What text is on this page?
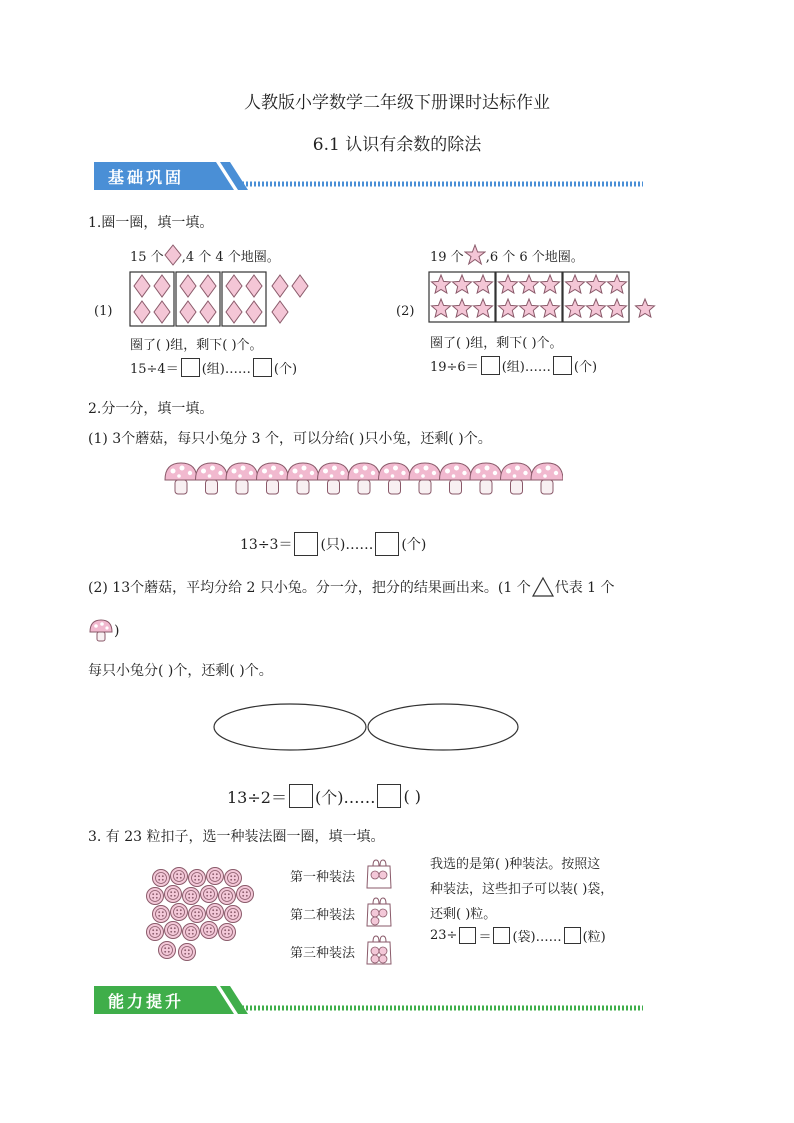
人教版小学数学二年级下册课时达标作业
6.1 认识有余数的除法
基础巩固
1.圈一圈，填一填。
15 个 ,4 个 4 个地圈。
(1)
圈了( )组，剩下( )个。
15÷4＝ (组)…… (个)
19 个 ,6 个 6 个地圈。
(2)
圈了( )组，剩下( )个。
19÷6＝ (组)…… (个)
2.分一分，填一填。
(1) 3个蘑菇，每只小兔分 3 个，可以分给( )只小兔，还剩( )个。
13÷3＝ (只)…… (个)
(2) 13个蘑菇，平均分给 2 只小兔。分一分，把分的结果画出来。(1 个 代表 1 个
)
每只小兔分( )个，还剩( )个。
13÷2＝ (个)…… ( )
3. 有 23 粒扣子，选一种装法圈一圈，填一填。
第一种装法
第二种装法
第三种装法
我选的是第( )种装法。按照这
种装法，这些扣子可以装( )袋，
还剩( )粒。
23÷ ＝ (袋)…… (粒)
能力提升
